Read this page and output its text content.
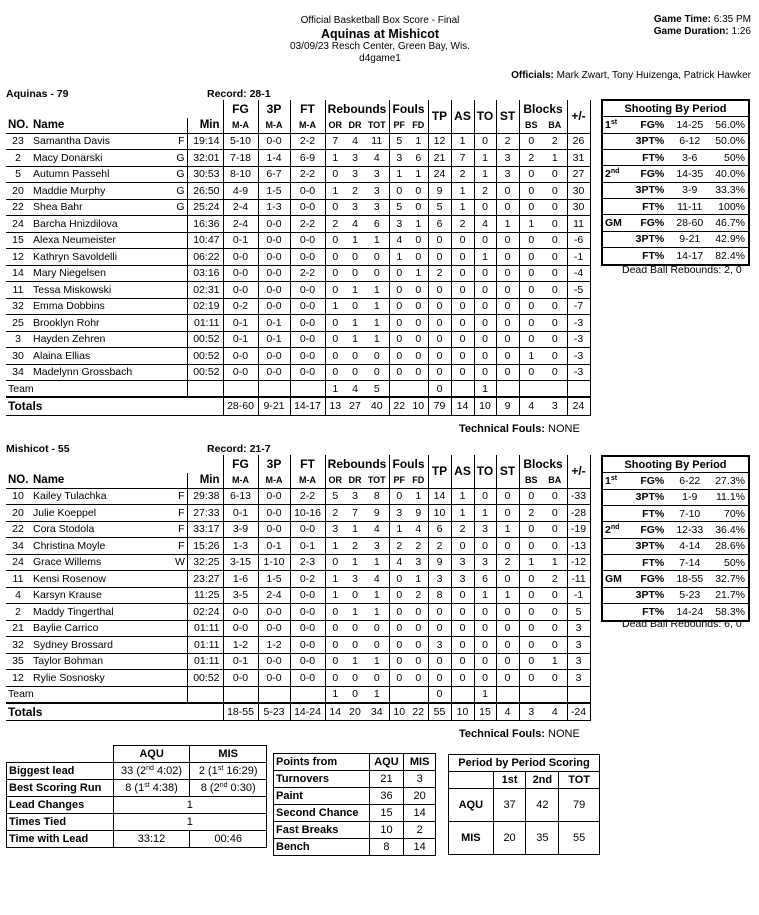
Official Basketball Box Score - Final
Aquinas at Mishicot
03/09/23 Resch Center, Green Bay, Wis.
d4game1
Game Time: 6:35 PM
Game Duration: 1:26
Officials: Mark Zwart, Tony Huizenga, Patrick Hawker
Aquinas - 79	Record: 28-1
				FG	3P	FT	Rebounds			Fouls		TP	AS	TO	ST	Blocks		+/-
NO.	Name		Min	M-A	M-A	M-A	OR	DR	TOT	PF	FD					BS	BA	
23	Samantha Davis	F	19:14	5-10	0-0	2-2	7	4	11	5	1	12	1	0	2	0	2	26
2	Macy Donarski	G	32:01	7-18	1-4	6-9	1	3	4	3	6	21	7	1	3	2	1	31
5	Autumn Passehl	G	30:53	8-10	6-7	2-2	0	3	3	1	1	24	2	1	3	0	0	27
20	Maddie Murphy	G	26:50	4-9	1-5	0-0	1	2	3	0	0	9	1	2	0	0	0	30
22	Shea Bahr	G	25:24	2-4	1-3	0-0	0	3	3	5	0	5	1	0	0	0	0	30
24	Barcha Hnizdilova		16:36	2-4	0-0	2-2	2	4	6	3	1	6	2	4	1	1	0	11
15	Alexa Neumeister		10:47	0-1	0-0	0-0	0	1	1	4	0	0	0	0	0	0	0	-6
12	Kathryn Savoldelli		06:22	0-0	0-0	0-0	0	0	0	1	0	0	0	1	0	0	0	-1
14	Mary Niegelsen		03:16	0-0	0-0	2-2	0	0	0	0	1	2	0	0	0	0	0	-4
11	Tessa Miskowski		02:31	0-0	0-0	0-0	0	1	1	0	0	0	0	0	0	0	0	-5
32	Emma Dobbins		02:19	0-2	0-0	0-0	1	0	1	0	0	0	0	0	0	0	0	-7
25	Brooklyn Rohr		01:11	0-1	0-1	0-0	0	1	1	0	0	0	0	0	0	0	0	-3
3	Hayden Zehren		00:52	0-1	0-1	0-0	0	1	1	0	0	0	0	0	0	0	0	-3
30	Alaina Ellias		00:52	0-0	0-0	0-0	0	0	0	0	0	0	0	0	0	1	0	-3
34	Madelynn Grossbach		00:52	0-0	0-0	0-0	0	0	0	0	0	0	0	0	0	0	0	-3
Team							1	4	5			0		1				
Totals				28-60	9-21	14-17	13	27	40	22	10	79	14	10	9	4	3	24
Technical Fouls: NONE
Shooting By Period
1st	FG%	14-25	56.0%
	3PT%	6-12	50.0%
	FT%	3-6	50%
2nd	FG%	14-35	40.0%
	3PT%	3-9	33.3%
	FT%	11-11	100%
GM	FG%	28-60	46.7%
	3PT%	9-21	42.9%
	FT%	14-17	82.4%
Dead Ball Rebounds: 2, 0
Mishicot - 55	Record: 21-7
				FG	3P	FT	Rebounds			Fouls		TP	AS	TO	ST	Blocks		+/-
NO.	Name		Min	M-A	M-A	M-A	OR	DR	TOT	PF	FD					BS	BA	
10	Kailey Tulachka	F	29:38	6-13	0-0	2-2	5	3	8	0	1	14	1	0	0	0	0	-33
20	Julie Koeppel	F	27:33	0-1	0-0	10-16	2	7	9	3	9	10	1	1	0	2	0	-28
22	Cora Stodola	F	33:17	3-9	0-0	0-0	3	1	4	1	4	6	2	3	1	0	0	-19
34	Christina Moyle	F	15:26	1-3	0-1	0-1	1	2	3	2	2	2	0	0	0	0	0	-13
24	Grace Willems	W	32:25	3-15	1-10	2-3	0	1	1	4	3	9	3	3	2	1	1	-12
11	Kensi Rosenow		23:27	1-6	1-5	0-2	1	3	4	0	1	3	3	6	0	0	2	-11
4	Karsyn Krause		11:25	3-5	2-4	0-0	1	0	1	0	2	8	0	1	1	0	0	-1
2	Maddy Tingerthal		02:24	0-0	0-0	0-0	0	1	1	0	0	0	0	0	0	0	0	5
21	Baylie Carrico		01:11	0-0	0-0	0-0	0	0	0	0	0	0	0	0	0	0	0	3
32	Sydney Brossard		01:11	1-2	1-2	0-0	0	0	0	0	0	3	0	0	0	0	0	3
35	Taylor Bohman		01:11	0-1	0-0	0-0	0	1	1	0	0	0	0	0	0	0	1	3
12	Rylie Sosnosky		00:52	0-0	0-0	0-0	0	0	0	0	0	0	0	0	0	0	0	3
Team							1	0	1			0		1				
Totals				18-55	5-23	14-24	14	20	34	10	22	55	10	15	4	3	4	-24
Technical Fouls: NONE
Shooting By Period
1st	FG%	6-22	27.3%
	3PT%	1-9	11.1%
	FT%	7-10	70%
2nd	FG%	12-33	36.4%
	3PT%	4-14	28.6%
	FT%	7-14	50%
GM	FG%	18-55	32.7%
	3PT%	5-23	21.7%
	FT%	14-24	58.3%
Dead Ball Rebounds: 6, 0
	AQU	MIS
Biggest lead	33 (2nd 4:02)	2 (1st 16:29)
Best Scoring Run	8 (1st 4:38)	8 (2nd 0:30)
Lead Changes	1	
Times Tied	1	
Time with Lead	33:12	00:46
Points from	AQU	MIS
Turnovers	21	3
Paint	36	20
Second Chance	15	14
Fast Breaks	10	2
Bench	8	14
Period by Period Scoring			
	1st	2nd	TOT
AQU	37	42	79
MIS	20	35	55
